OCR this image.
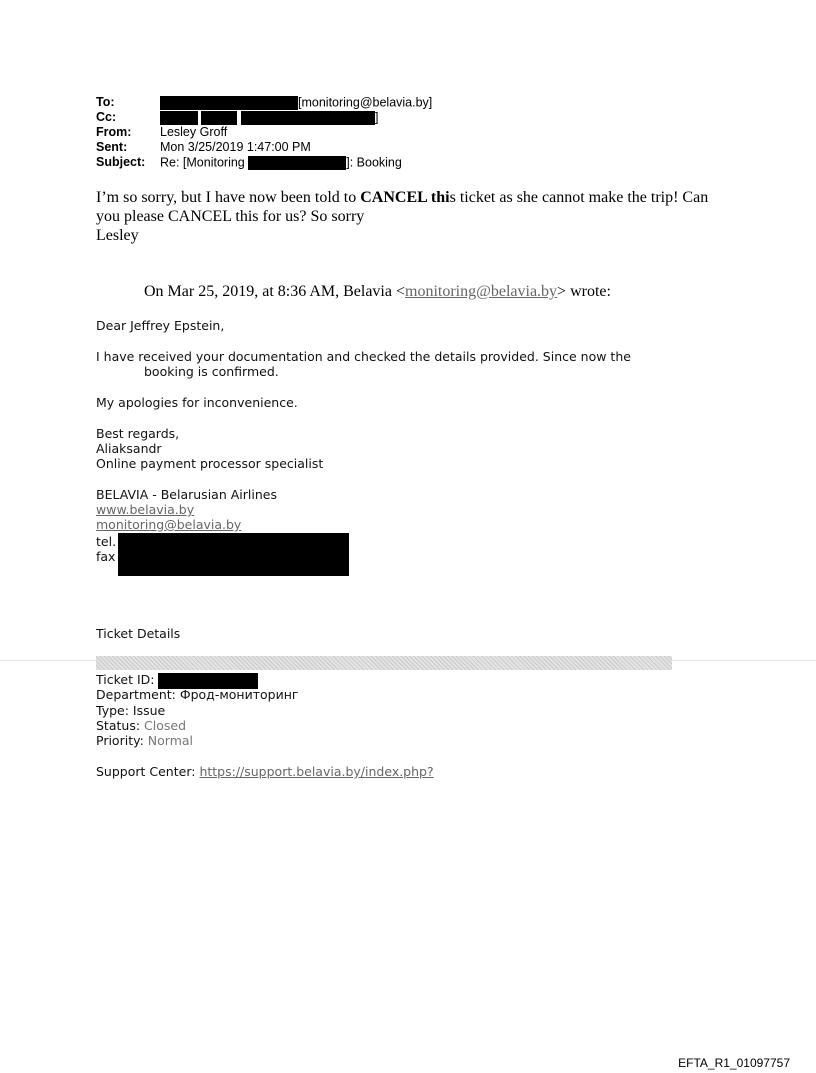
To:	[monitoring@belavia.by]
Cc:	]
From: Lesley Groff
Sent:	Mon 3/25/2019 1:47:00 PM
Subject: Re: [Monitoring	]: Booking
I’m so sorry, but I have now been told to CANCEL this ticket as she cannot make the trip! Can
you please CANCEL this for us? So sorry
Lesley
On Mar 25, 2019, at 8:36 AM, Belavia <monitoring@belavia.by> wrote:
Dear Jeffrey Epstein,
I have received your documentation and checked the details provided. Since now the
booking is confirmed.
My apologies for inconvenience.
Best regards,
Aliaksandr
Online payment processor specialist
BELAVIA - Belarusian Airlines
www.belavia.by
monitoring@belavia.by
tel.
fax
Ticket Details
Ticket ID:
Department: Фрод-мониторинг
Type: Issue
Status: Closed
Priority: Normal
Support Center: https://support.belavia.by/index.php?
EFTA_R1_01097757
